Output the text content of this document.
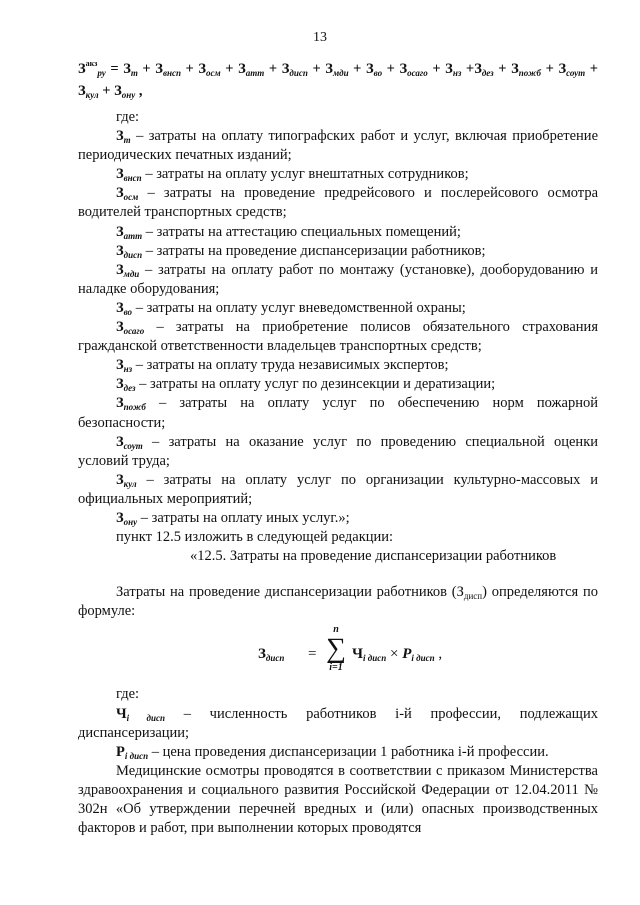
13

$З^{акз}_{ру} = З_т + З_{внсп} + З_{осм} + З_{атт} + З_{дисп} + З_{мди} + З_{во} + З_{осаго} + З_{нз} +З_{дез} + З_{пожб} + З_{соут} + З_{кул} + З_{ону}$ ,

где:

$З_т$ – затраты на оплату типографских работ и услуг, включая приобретение периодических печатных изданий;

$З_{внсп}$ – затраты на оплату услуг внештатных сотрудников;

$З_{осм}$ – затраты на проведение предрейсового и послерейсового осмотра водителей транспортных средств;

$З_{атт}$ – затраты на аттестацию специальных помещений;

$З_{дисп}$ – затраты на проведение диспансеризации работников;

$З_{мди}$ – затраты на оплату работ по монтажу (установке), дооборудованию и наладке оборудования;

$З_{во}$ – затраты на оплату услуг вневедомственной охраны;

$З_{осаго}$ – затраты на приобретение полисов обязательного страхования гражданской ответственности владельцев транспортных средств;

$З_{нз}$ – затраты на оплату труда независимых экспертов;

$З_{дез}$ – затраты на оплату услуг по дезинсекции и дератизации;

$З_{пожб}$ – затраты на оплату услуг по обеспечению норм пожарной безопасности;

$З_{соут}$ – затраты на оказание услуг по проведению специальной оценки условий труда;

$З_{кул}$ – затраты на оплату услуг по организации культурно-массовых и официальных мероприятий;

$З_{ону}$ – затраты на оплату иных услуг.»;

пункт 12.5 изложить в следующей редакции:

«12.5. Затраты на проведение диспансеризации работников

Затраты на проведение диспансеризации работников $(З_{дисп})$ определяются по формуле:

$З_{дисп}$ =
n
∑
i=1
$Ч_{i дисп} \times P_{i дисп}$ ,

где:

$Ч_{i дисп}$ – численность работников i-й профессии, подлежащих диспансеризации;

$Р_{i дисп}$ – цена проведения диспансеризации 1 работника i-й профессии.

Медицинские осмотры проводятся в соответствии с приказом Министерства здравоохранения и социального развития Российской Федерации от 12.04.2011 № 302н «Об утверждении перечней вредных и (или) опасных производственных факторов и работ, при выполнении которых проводятся
